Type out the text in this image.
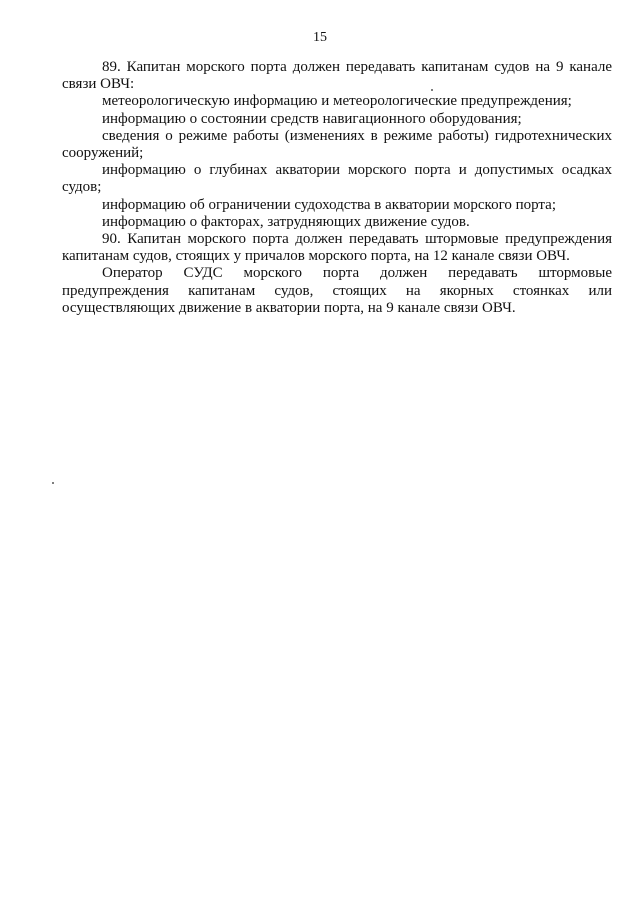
15

89. Капитан морского порта должен передавать капитанам судов на 9 канале связи ОВЧ:

метеорологическую информацию и метеорологические предупреждения;

информацию о состоянии средств навигационного оборудования;

сведения о режиме работы (изменениях в режиме работы) гидротехнических сооружений;

информацию о глубинах акватории морского порта и допустимых осадках судов;

информацию об ограничении судоходства в акватории морского порта;

информацию о факторах, затрудняющих движение судов.

90. Капитан морского порта должен передавать штормовые предупреждения капитанам судов, стоящих у причалов морского порта, на 12 канале связи ОВЧ.

Оператор СУДС морского порта должен передавать штормовые предупреждения капитанам судов, стоящих на якорных стоянках или осуществляющих движение в акватории порта, на 9 канале связи ОВЧ.
